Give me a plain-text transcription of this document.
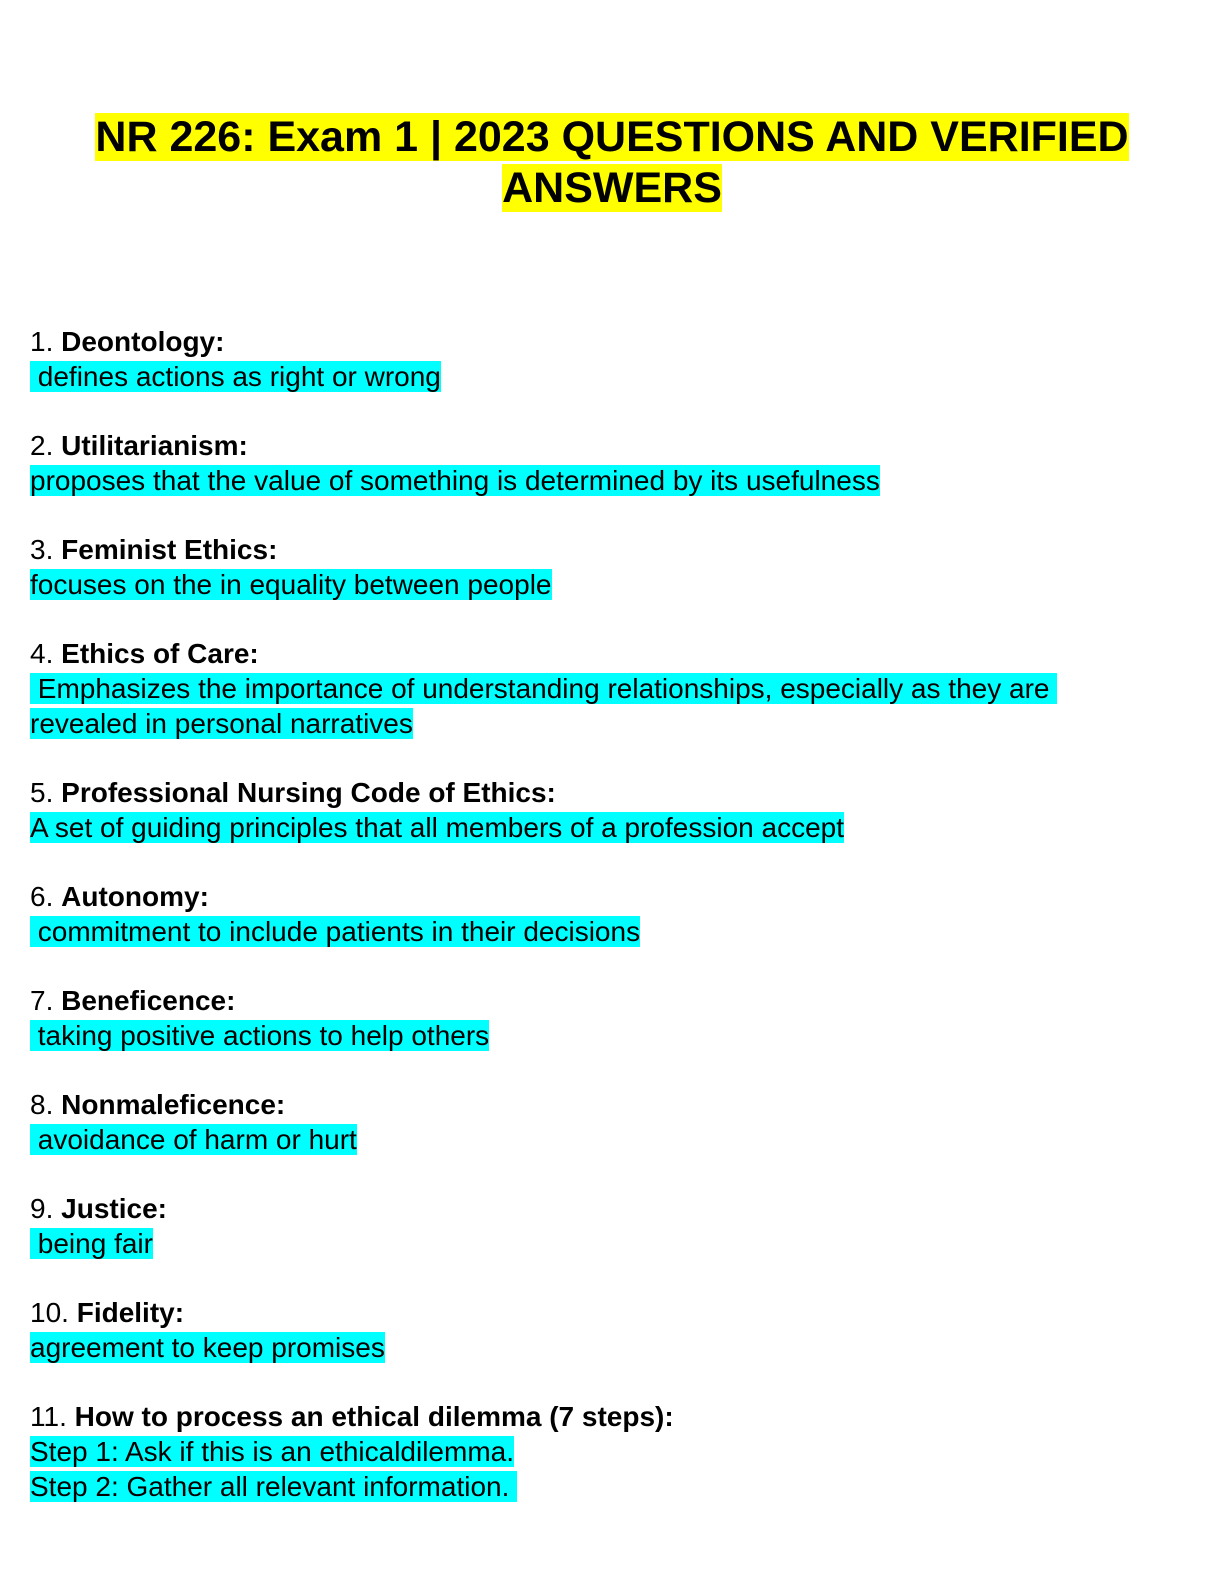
NR 226: Exam 1 | 2023 QUESTIONS AND VERIFIED ANSWERS

1. Deontology:

defines actions as right or wrong

2. Utilitarianism:

proposes that the value of something is determined by its usefulness

3. Feminist Ethics:

focuses on the in equality between people

4. Ethics of Care:

Emphasizes the importance of understanding relationships, especially as they are revealed in personal narratives

5. Professional Nursing Code of Ethics:

A set of guiding principles that all members of a profession accept

6. Autonomy:

commitment to include patients in their decisions

7. Beneficence:

taking positive actions to help others

8. Nonmaleficence:

avoidance of harm or hurt

9. Justice:

being fair

10. Fidelity:

agreement to keep promises

11. How to process an ethical dilemma (7 steps):

Step 1: Ask if this is an ethicaldilemma.

Step 2: Gather all relevant information.
